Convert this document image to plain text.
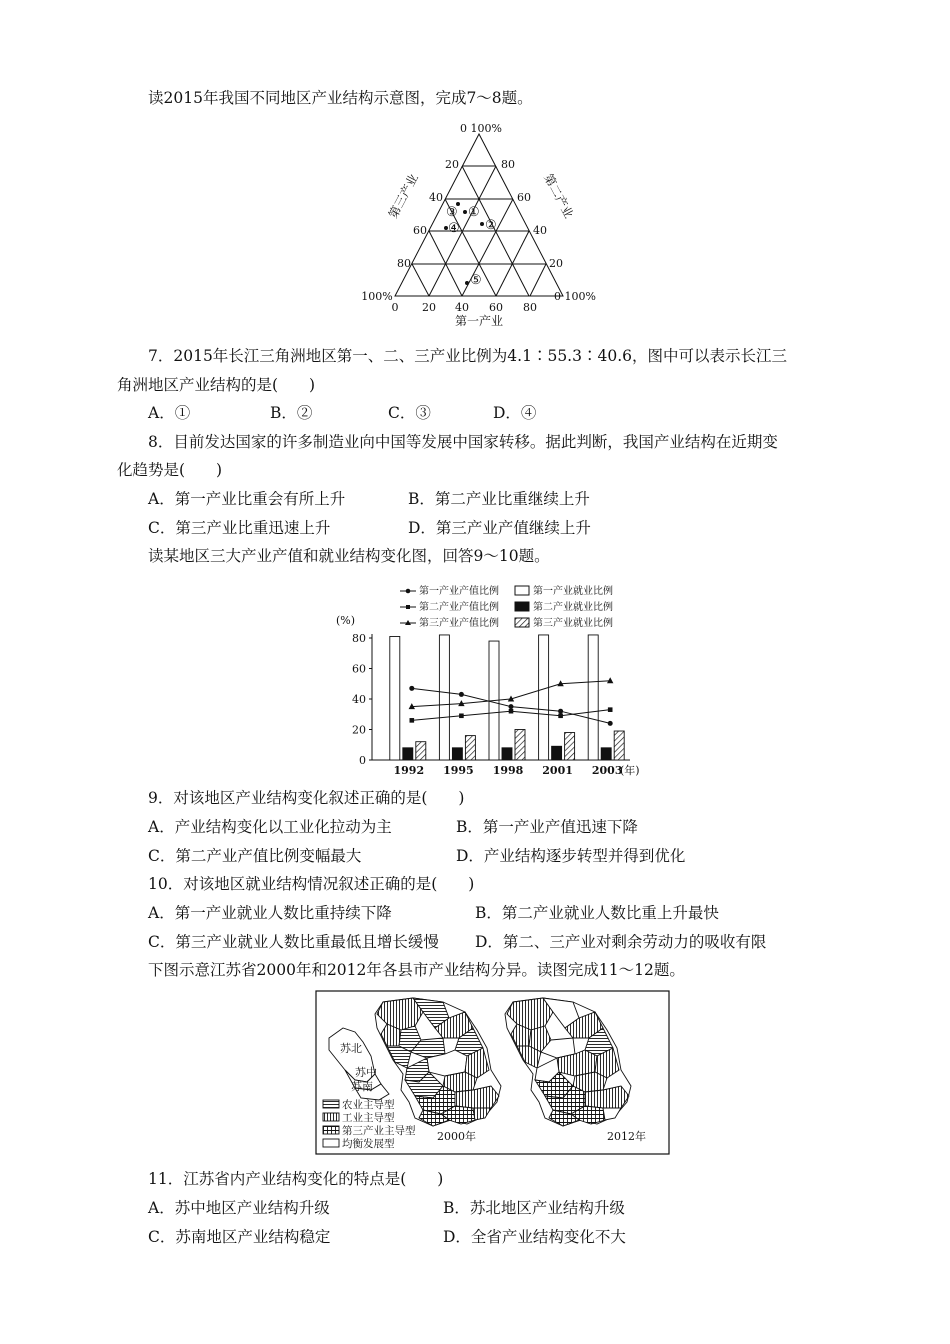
读2015年我国不同地区产业结构示意图，完成7～8题。
0 100%
100%
20
40
60
80
80
60
40
20
0 20 40 60 80
0 100%
第一产业
第三产业	第二产业
③ ①
④ ②
⑤
7．2015年长江三角洲地区第一、二、三产业比例为4.1∶55.3∶40.6，图中可以表示长江三
角洲地区产业结构的是(　　)
A．①	B．②	C．③	D．④
8．目前发达国家的许多制造业向中国等发展中国家转移。据此判断，我国产业结构在近期变
化趋势是(　　)
A．第一产业比重会有所上升	B．第二产业比重继续上升
C．第三产业比重迅速上升	D．第三产业产值继续上升
读某地区三大产业产值和就业结构变化图，回答9～10题。
第一产业产值比例
第二产业产值比例
第三产业产值比例
第一产业就业比例
第二产业就业比例
第三产业就业比例
(%)
0
20
40
60
80
1992 1995 1998 2001 2003
(年)
9．对该地区产业结构变化叙述正确的是(　　)
A．产业结构变化以工业化拉动为主	B．第一产业产值迅速下降
C．第二产业产值比例变幅最大	D．产业结构逐步转型并得到优化
10．对该地区就业结构情况叙述正确的是(　　)
A．第一产业就业人数比重持续下降	B．第二产业就业人数比重上升最快
C．第三产业就业人数比重最低且增长缓慢 D．第二、三产业对剩余劳动力的吸收有限
下图示意江苏省2000年和2012年各县市产业结构分异。读图完成11～12题。
苏北
苏中
苏南
农业主导型
工业主导型
第三产业主导型
均衡发展型
2000年	2012年
11．江苏省内产业结构变化的特点是(　　)
A．苏中地区产业结构升级	B．苏北地区产业结构升级
C．苏南地区产业结构稳定	D．全省产业结构变化不大
